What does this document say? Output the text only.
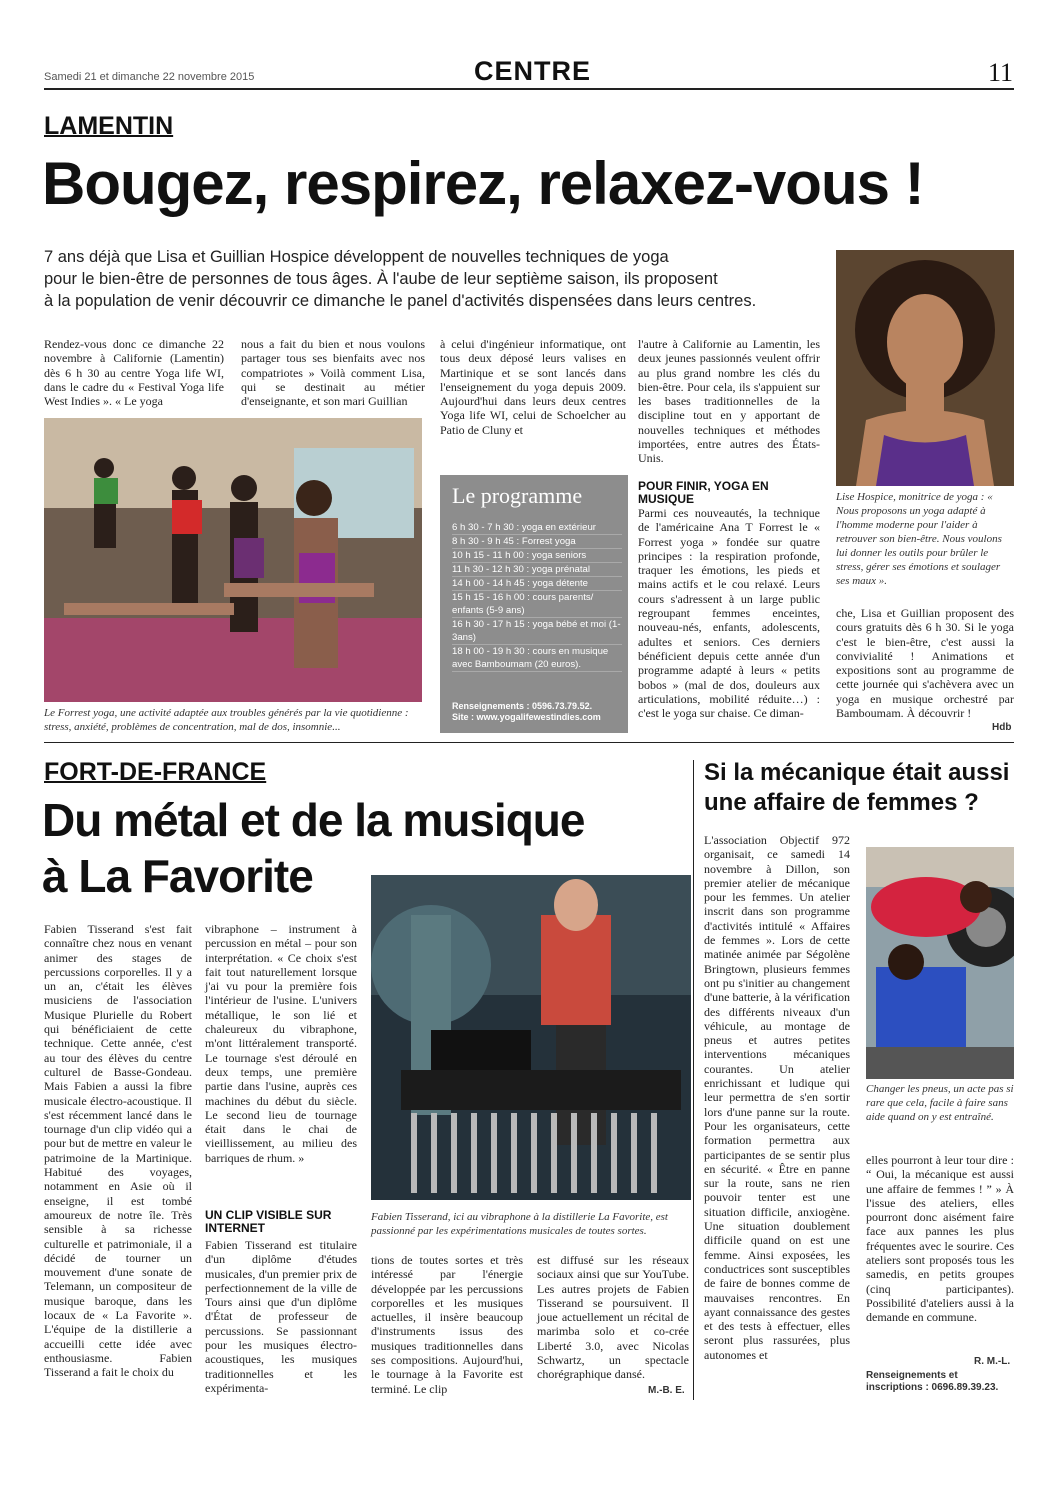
Samedi 21 et dimanche 22 novembre 2015	CENTRE	11
LAMENTIN
Bougez, respirez, relaxez-vous !
7 ans déjà que Lisa et Guillian Hospice développent de nouvelles techniques de yoga
pour le bien-être de personnes de tous âges. À l'aube de leur septième saison, ils proposent
à la population de venir découvrir ce dimanche le panel d'activités dispensées dans leurs centres.
Rendez-vous donc ce dimanche 22 novembre à Californie (Lamentin) dès 6 h 30 au centre Yoga life WI, dans le cadre du « Festival Yoga life West Indies ». « Le yoga
nous a fait du bien et nous voulons partager tous ses bienfaits avec nos compatriotes » Voilà comment Lisa, qui se destinait au métier d'enseignante, et son mari Guillian
à celui d'ingénieur informatique, ont tous deux déposé leurs valises en Martinique et se sont lancés dans l'enseignement du yoga depuis 2009. Aujourd'hui dans leurs deux centres Yoga life WI, celui de Schoelcher au Patio de Cluny et
l'autre à Californie au Lamentin, les deux jeunes passionnés veulent offrir au plus grand nombre les clés du bien-être. Pour cela, ils s'appuient sur les bases traditionnelles de la discipline tout en y apportant de nouvelles techniques et méthodes importées, entre autres des États-Unis.
POUR FINIR, YOGA EN MUSIQUE
Parmi ces nouveautés, la technique de l'américaine Ana T Forrest le « Forrest yoga » fondée sur quatre principes : la respiration profonde, traquer les émotions, les pieds et mains actifs et le cou relaxé. Leurs cours s'adressent à un large public regroupant femmes enceintes, nouveau-nés, enfants, adolescents, adultes et seniors. Ces derniers bénéficient depuis cette année d'un programme adapté à leurs « petits bobos » (mal de dos, douleurs aux articulations, mobilité réduite…) : c'est le yoga sur chaise. Ce diman-
Le Forrest yoga, une activité adaptée aux troubles générés par la vie quotidienne : stress, anxiété, problèmes de concentration, mal de dos, insomnie...
Le programme
6 h 30 - 7 h 30 : yoga en extérieur
8 h 30 - 9 h 45 : Forrest yoga
10 h 15 - 11 h 00 : yoga seniors
11 h 30 - 12 h 30 : yoga prénatal
14 h 00 - 14 h 45 : yoga détente
15 h 15 - 16 h 00 : cours parents/ enfants (5-9 ans)
16 h 30 - 17 h 15 : yoga bébé et moi (1-3ans)
18 h 00 - 19 h 30 : cours en musique avec Bamboumam (20 euros).
Renseignements : 0596.73.79.52.
Site : www.yogalifewestindies.com
Lise Hospice, monitrice de yoga : « Nous proposons un yoga adapté à l'homme moderne pour l'aider à retrouver son bien-être. Nous voulons lui donner les outils pour brûler le stress, gérer ses émotions et soulager ses maux ».
che, Lisa et Guillian proposent des cours gratuits dès 6 h 30. Si le yoga c'est le bien-être, c'est aussi la convivialité ! Animations et expositions sont au programme de cette journée qui s'achèvera avec un yoga en musique orchestré par Bamboumam. À découvrir !
Hdb
FORT-DE-FRANCE
Du métal et de la musique
à La Favorite
Fabien Tisserand s'est fait connaître chez nous en venant animer des stages de percussions corporelles. Il y a un an, c'était les élèves musiciens de l'association Musique Plurielle du Robert qui bénéficiaient de cette technique. Cette année, c'est au tour des élèves du centre culturel de Basse-Gondeau. Mais Fabien a aussi la fibre musicale électro-acoustique. Il s'est récemment lancé dans le tournage d'un clip vidéo qui a pour but de mettre en valeur le patrimoine de la Martinique. Habitué des voyages, notamment en Asie où il enseigne, il est tombé amoureux de notre île. Très sensible à sa richesse culturelle et patrimoniale, il a décidé de tourner un mouvement d'une sonate de Telemann, un compositeur de musique baroque, dans les locaux de « La Favorite ». L'équipe de la distillerie a accueilli cette idée avec enthousiasme. Fabien Tisserand a fait le choix du
vibraphone – instrument à percussion en métal – pour son interprétation. « Ce choix s'est fait tout naturellement lorsque j'ai vu pour la première fois l'intérieur de l'usine. L'univers métallique, le son lié et chaleureux du vibraphone, m'ont littéralement transporté. Le tournage s'est déroulé en deux temps, une première partie dans l'usine, auprès ces machines du début du siècle. Le second lieu de tournage était dans le chai de vieillissement, au milieu des barriques de rhum. »
UN CLIP VISIBLE SUR INTERNET
Fabien Tisserand est titulaire d'un diplôme d'études musicales, d'un premier prix de perfectionnement de la ville de Tours ainsi que d'un diplôme d'État de professeur de percussions. Se passionnant pour les musiques électro-acoustiques, les musiques traditionnelles et les expérimenta-
Fabien Tisserand, ici au vibraphone à la distillerie La Favorite, est passionné par les expérimentations musicales de toutes sortes.
tions de toutes sortes et très intéressé par l'énergie développée par les percussions corporelles et les musiques actuelles, il insère beaucoup d'instruments issus des musiques traditionnelles dans ses compositions. Aujourd'hui, le tournage à la Favorite est terminé. Le clip
est diffusé sur les réseaux sociaux ainsi que sur YouTube. Les autres projets de Fabien Tisserand se poursuivent. Il joue actuellement un récital de marimba solo et co-crée Liberté 3.0, avec Nicolas Schwartz, un spectacle chorégraphique dansé.
M.-B. E.
Si la mécanique était aussi
une affaire de femmes ?
L'association Objectif 972 organisait, ce samedi 14 novembre à Dillon, son premier atelier de mécanique pour les femmes. Un atelier inscrit dans son programme d'activités intitulé « Affaires de femmes ». Lors de cette matinée animée par Ségolène Bringtown, plusieurs femmes ont pu s'initier au changement d'une batterie, à la vérification des différents niveaux d'un véhicule, au montage de pneus et autres petites interventions mécaniques courantes. Un atelier enrichissant et ludique qui leur permettra de s'en sortir lors d'une panne sur la route. Pour les organisateurs, cette formation permettra aux participantes de se sentir plus en sécurité. « Être en panne sur la route, sans ne rien pouvoir tenter est une situation difficile, anxiogène. Une situation doublement difficile quand on est une femme. Ainsi exposées, les conductrices sont susceptibles de faire de bonnes comme de mauvaises rencontres. En ayant connaissance des gestes et des tests à effectuer, elles seront plus rassurées, plus autonomes et
Changer les pneus, un acte pas si rare que cela, facile à faire sans aide quand on y est entraîné.
elles pourront à leur tour dire : “ Oui, la mécanique est aussi une affaire de femmes ! ” » À l'issue des ateliers, elles pourront donc aisément faire face aux pannes les plus fréquentes avec le sourire. Ces ateliers sont proposés tous les samedis, en petits groupes (cinq participantes). Possibilité d'ateliers aussi à la demande en commune.
R. M.-L.
Renseignements et inscriptions : 0696.89.39.23.
